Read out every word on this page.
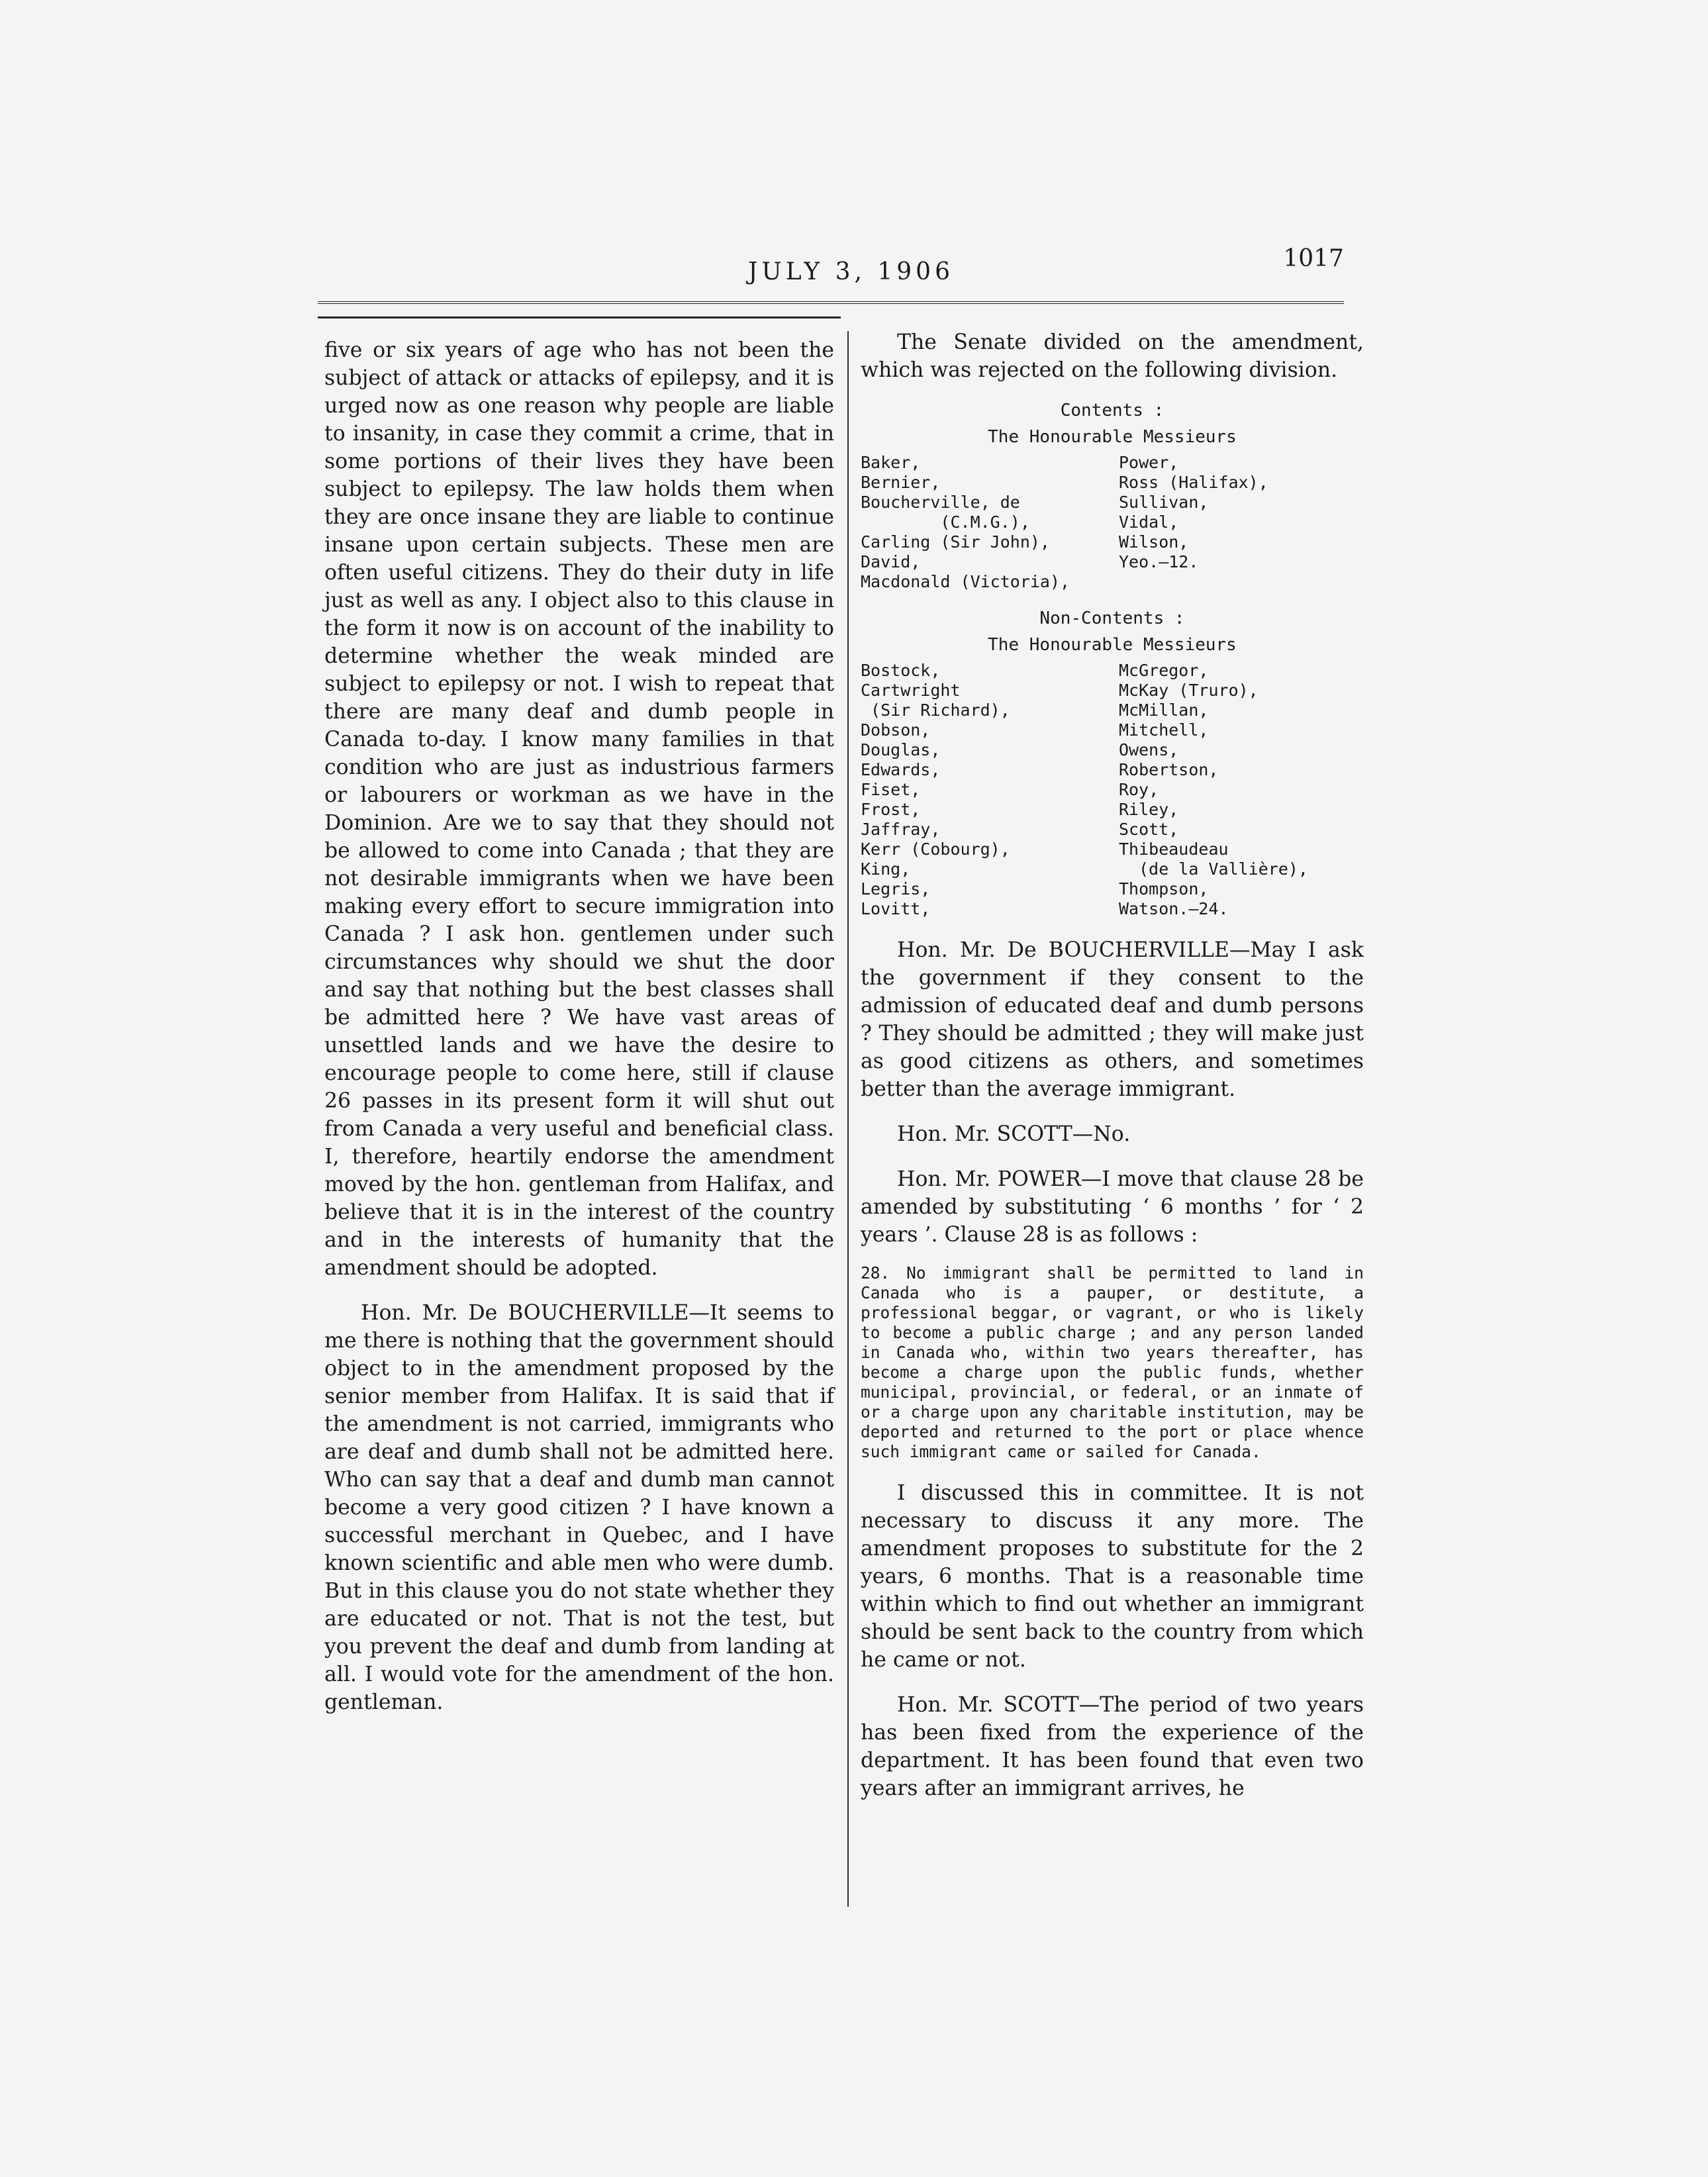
JULY 3, 1906	1017

five or six years of age who has not been the subject of attack or attacks of epilepsy, and it is urged now as one reason why people are liable to insanity, in case they commit a crime, that in some portions of their lives they have been subject to epilepsy. The law holds them when they are once insane they are liable to continue insane upon certain subjects. These men are often useful citizens. They do their duty in life just as well as any. I object also to this clause in the form it now is on account of the inability to determine whether the weak minded are subject to epilepsy or not. I wish to repeat that there are many deaf and dumb people in Canada to-day. I know many families in that condition who are just as industrious farmers or labourers or workman as we have in the Dominion. Are we to say that they should not be allowed to come into Canada ; that they are not desirable immigrants when we have been making every effort to secure immigration into Canada ? I ask hon. gentlemen under such circumstances why should we shut the door and say that nothing but the best classes shall be admitted here ? We have vast areas of unsettled lands and we have the desire to encourage people to come here, still if clause 26 passes in its present form it will shut out from Canada a very useful and beneficial class. I, therefore, heartily endorse the amendment moved by the hon. gentleman from Halifax, and believe that it is in the interest of the country and in the interests of humanity that the amendment should be adopted.

Hon. Mr. De BOUCHERVILLE—It seems to me there is nothing that the government should object to in the amendment proposed by the senior member from Halifax. It is said that if the amendment is not carried, immigrants who are deaf and dumb shall not be admitted here. Who can say that a deaf and dumb man cannot become a very good citizen ? I have known a successful merchant in Quebec, and I have known scientific and able men who were dumb. But in this clause you do not state whether they are educated or not. That is not the test, but you prevent the deaf and dumb from landing at all. I would vote for the amendment of the hon. gentleman.

The Senate divided on the amendment, which was rejected on the following division.

Contents :
The Honourable Messieurs
Baker,
Bernier,
Boucherville, de
(C.M.G.),
Carling (Sir John),
David,
Macdonald (Victoria),
Power,
Ross (Halifax),
Sullivan,
Vidal,
Wilson,
Yeo.—12.
Non-Contents :
The Honourable Messieurs
Bostock,
Cartwright
(Sir Richard),
Dobson,
Douglas,
Edwards,
Fiset,
Frost,
Jaffray,
Kerr (Cobourg),
King,
Legris,
Lovitt,
McGregor,
McKay (Truro),
McMillan,
Mitchell,
Owens,
Robertson,
Roy,
Riley,
Scott,
Thibeaudeau
(de la Vallière),
Thompson,
Watson.—24.

Hon. Mr. De BOUCHERVILLE—May I ask the government if they consent to the admission of educated deaf and dumb persons ? They should be admitted ; they will make just as good citizens as others, and sometimes better than the average immigrant.

Hon. Mr. SCOTT—No.

Hon. Mr. POWER—I move that clause 28 be amended by substituting ‘ 6 months ’ for ‘ 2 years ’. Clause 28 is as follows :

28. No immigrant shall be permitted to land in Canada who is a pauper, or destitute, a professional beggar, or vagrant, or who is likely to become a public charge ; and any person landed in Canada who, within two years thereafter, has become a charge upon the public funds, whether municipal, provincial, or federal, or an inmate of or a charge upon any charitable institution, may be deported and returned to the port or place whence such immigrant came or sailed for Canada.

I discussed this in committee. It is not necessary to discuss it any more. The amendment proposes to substitute for the 2 years, 6 months. That is a reasonable time within which to find out whether an immigrant should be sent back to the country from which he came or not.

Hon. Mr. SCOTT—The period of two years has been fixed from the experience of the department. It has been found that even two years after an immigrant arrives, he
